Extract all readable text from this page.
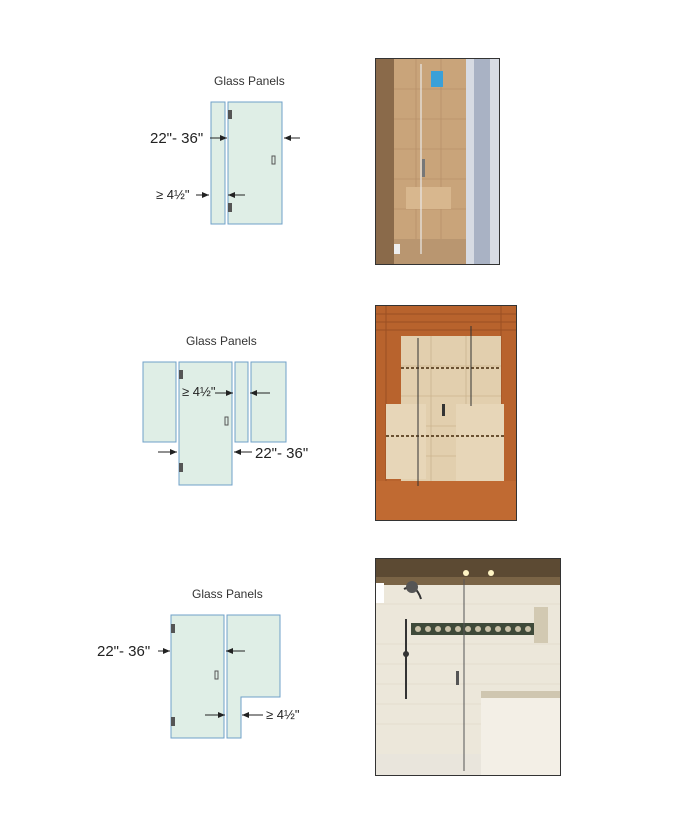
Glass Panels
22"- 36"
≥ 4½"
Glass Panels
≥ 4½"
22"- 36"
Glass Panels
22"- 36"
≥ 4½"
